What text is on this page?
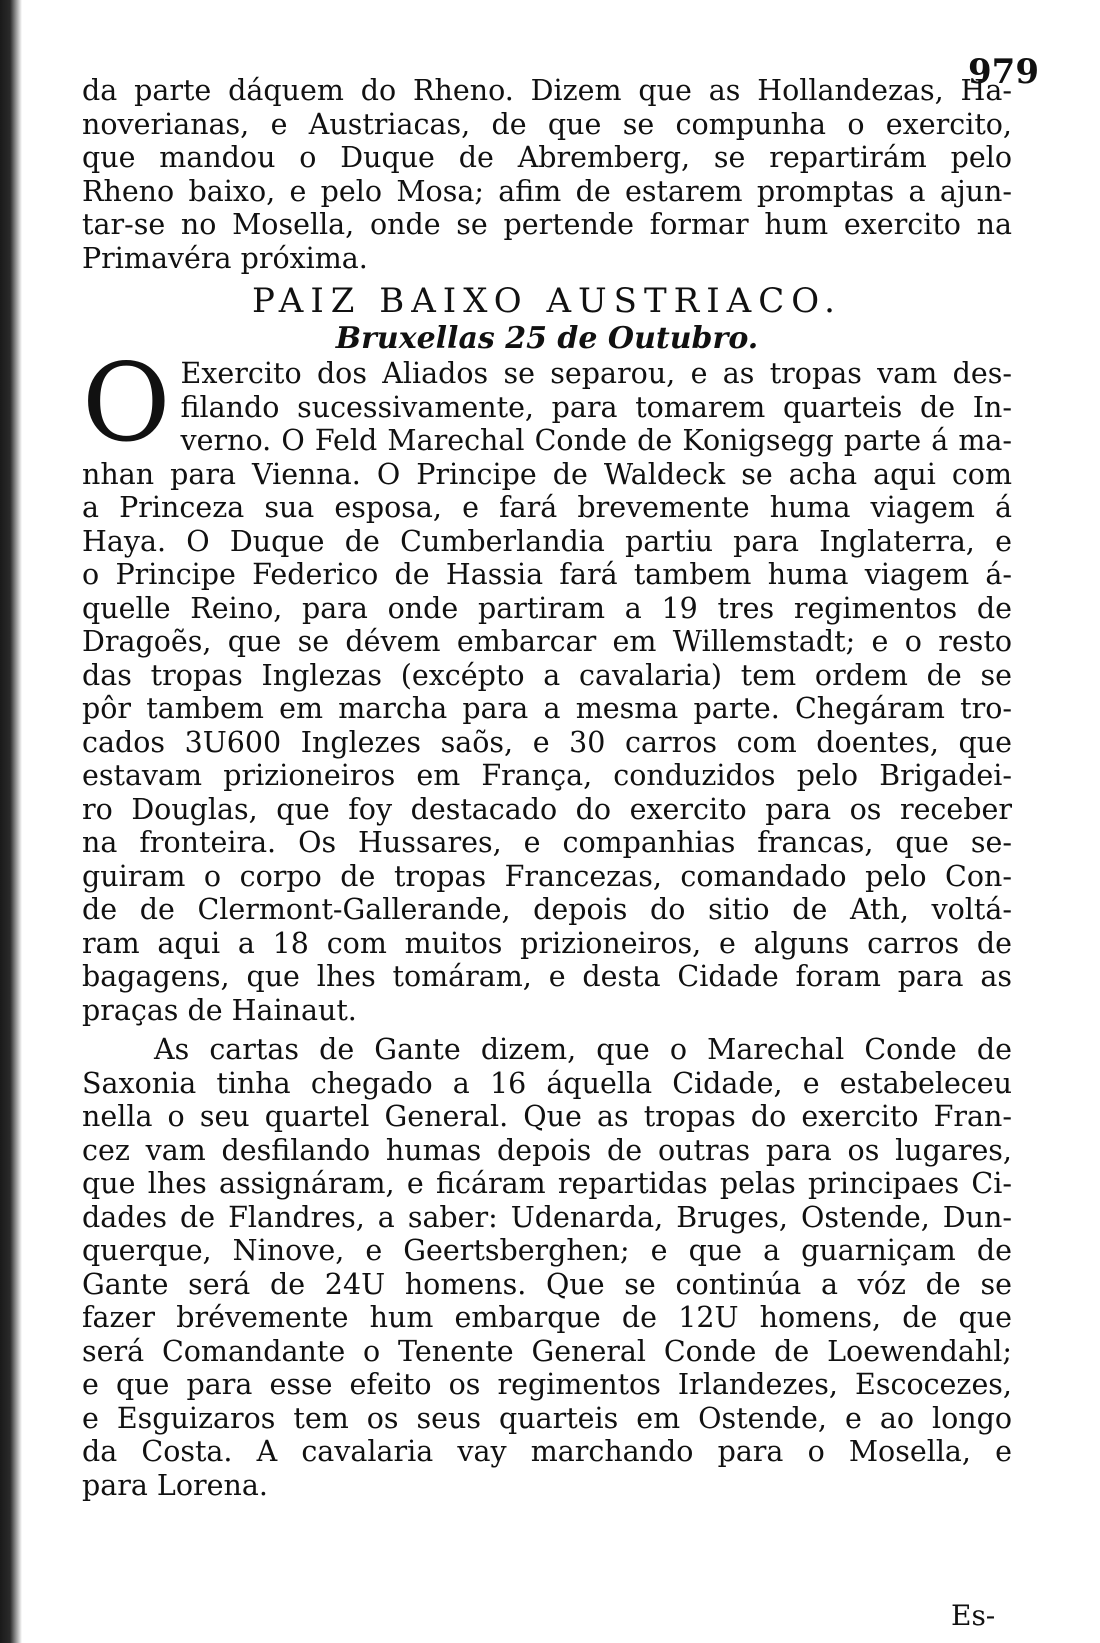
979
da parte dáquem do Rheno. Dizem que as Hollandezas, Ha-
noverianas, e Austriacas, de que se compunha o exercito,
que mandou o Duque de Abremberg, se repartirám pelo
Rheno baixo, e pelo Mosa; afim de estarem promptas a ajun-
tar-se no Mosella, onde se pertende formar hum exercito na
Primavéra próxima.
PAIZ BAIXO AUSTRIACO.
Bruxellas 25 de Outubro.
O Exercito dos Aliados se separou, e as tropas vam des-
filando sucessivamente, para tomarem quarteis de In-
verno. O Feld Marechal Conde de Konigsegg parte á ma-
nhan para Vienna. O Principe de Waldeck se acha aqui com
a Princeza sua esposa, e fará brevemente huma viagem á
Haya. O Duque de Cumberlandia partiu para Inglaterra, e
o Principe Federico de Hassia fará tambem huma viagem á-
quelle Reino, para onde partiram a 19 tres regimentos de
Dragoẽs, que se dévem embarcar em Willemstadt; e o resto
das tropas Inglezas (excépto a cavalaria) tem ordem de se
pôr tambem em marcha para a mesma parte. Chegáram tro-
cados 3U600 Inglezes saõs, e 30 carros com doentes, que
estavam prizioneiros em França, conduzidos pelo Brigadei-
ro Douglas, que foy destacado do exercito para os receber
na fronteira. Os Hussares, e companhias francas, que se-
guiram o corpo de tropas Francezas, comandado pelo Con-
de de Clermont-Gallerande, depois do sitio de Ath, voltá-
ram aqui a 18 com muitos prizioneiros, e alguns carros de
bagagens, que lhes tomáram, e desta Cidade foram para as
praças de Hainaut.
As cartas de Gante dizem, que o Marechal Conde de
Saxonia tinha chegado a 16 áquella Cidade, e estabeleceu
nella o seu quartel General. Que as tropas do exercito Fran-
cez vam desfilando humas depois de outras para os lugares,
que lhes assignáram, e ficáram repartidas pelas principaes Ci-
dades de Flandres, a saber: Udenarda, Bruges, Ostende, Dun-
querque, Ninove, e Geertsberghen; e que a guarniçam de
Gante será de 24U homens. Que se continúa a vóz de se
fazer brévemente hum embarque de 12U homens, de que
será Comandante o Tenente General Conde de Loewendahl;
e que para esse efeito os regimentos Irlandezes, Escocezes,
e Esguizaros tem os seus quarteis em Ostende, e ao longo
da Costa. A cavalaria vay marchando para o Mosella, e
para Lorena.
Es-
